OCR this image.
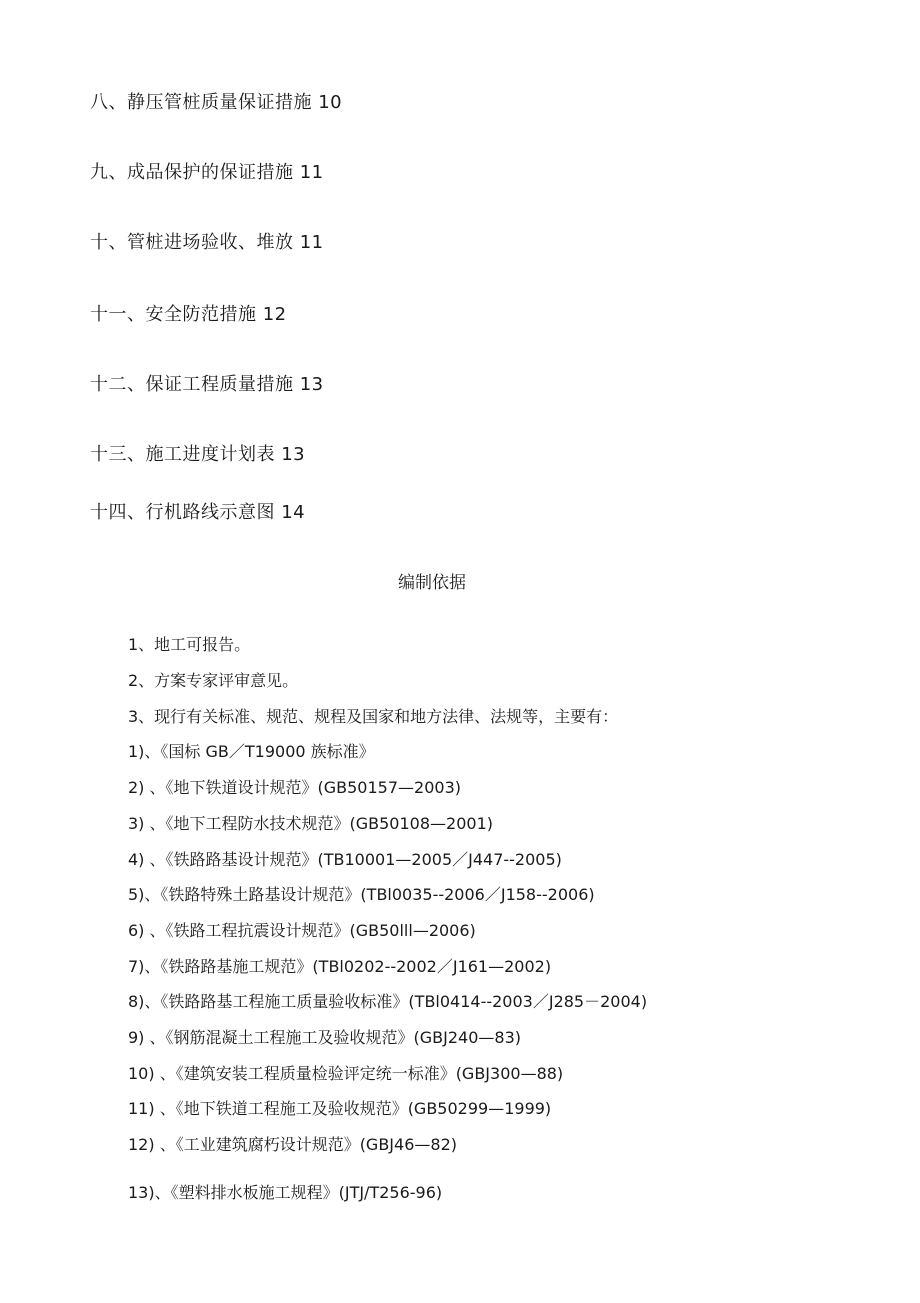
八、静压管桩质量保证措施 10
九、成品保护的保证措施 11
十、管桩进场验收、堆放 11
十一、安全防范措施 12
十二、保证工程质量措施 13
十三、施工进度计划表 13
十四、行机路线示意图 14
编制依据
1、地工可报告。
2、方案专家评审意见。
3、现行有关标准、规范、规程及国家和地方法律、法规等，主要有：
1)、《国标 GB／T19000 族标准》
2) 、《地下铁道设计规范》(GB50157—2003)
3) 、《地下工程防水技术规范》(GB50108—2001)
4) 、《铁路路基设计规范》(TB10001—2005／J447--2005)
5)、《铁路特殊土路基设计规范》(TBl0035--2006／J158--2006)
6) 、《铁路工程抗震设计规范》(GB50lll—2006)
7)、《铁路路基施工规范》(TBl0202--2002／J161—2002)
8)、《铁路路基工程施工质量验收标准》(TBl0414--2003／J285－2004)
9) 、《钢筋混凝土工程施工及验收规范》(GBJ240—83)
10) 、《建筑安装工程质量检验评定统一标准》(GBJ300—88)
11) 、《地下铁道工程施工及验收规范》(GB50299—1999)
12) 、《工业建筑腐朽设计规范》(GBJ46—82)
13)、《塑料排水板施工规程》(JTJ/T256-96)
